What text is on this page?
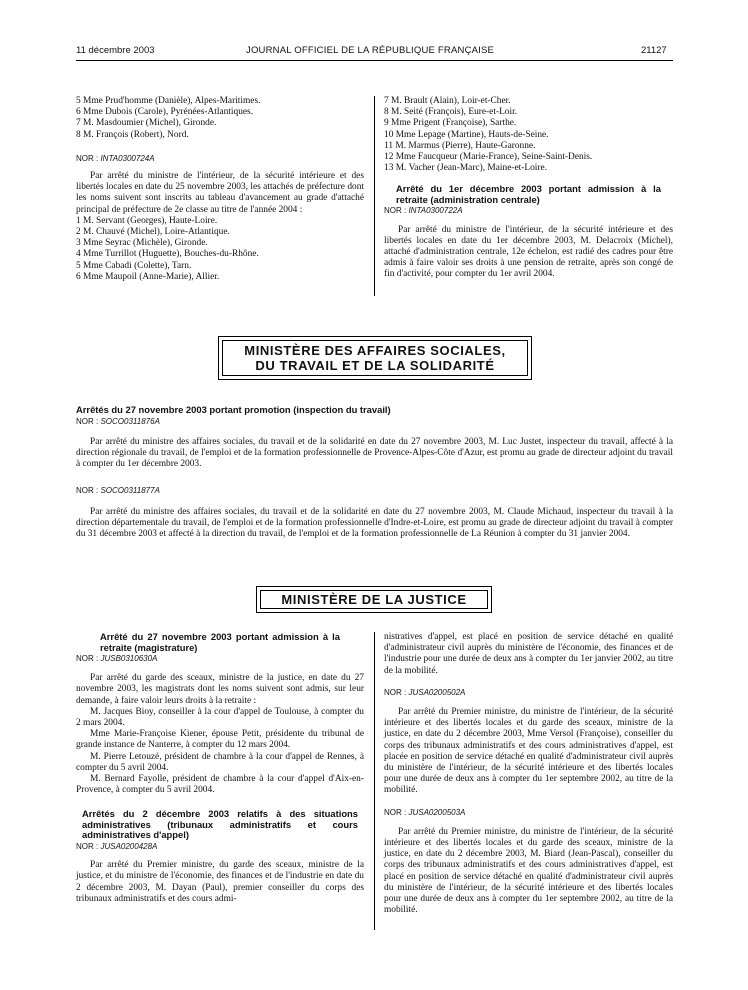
11 décembre 2003	JOURNAL OFFICIEL DE LA RÉPUBLIQUE FRANÇAISE	21127

5 Mme Prud'homme (Danièle), Alpes-Maritimes.

6 Mme Dubois (Carole), Pyrénées-Atlantiques.

7 M. Masdoumier (Michel), Gironde.

8 M. François (Robert), Nord.

NOR : INTA0300724A

Par arrêté du ministre de l'intérieur, de la sécurité intérieure et des libertés locales en date du 25 novembre 2003, les attachés de préfecture dont les noms suivent sont inscrits au tableau d'avancement au grade d'attaché principal de préfecture de 2e classe au titre de l'année 2004 :

1 M. Servant (Georges), Haute-Loire.

2 M. Chauvé (Michel), Loire-Atlantique.

3 Mme Seyrac (Michèle), Gironde.

4 Mme Turrillot (Huguette), Bouches-du-Rhône.

5 Mme Cabadi (Colette), Tarn.

6 Mme Maupoil (Anne-Marie), Allier.

7 M. Brault (Alain), Loir-et-Cher.

8 M. Seité (François), Eure-et-Loir.

9 Mme Prigent (Françoise), Sarthe.

10 Mme Lepage (Martine), Hauts-de-Seine.

11 M. Marmus (Pierre), Haute-Garonne.

12 Mme Faucqueur (Marie-France), Seine-Saint-Denis.

13 M. Vacher (Jean-Marc), Maine-et-Loire.

Arrêté du 1er décembre 2003 portant admission à la retraite (administration centrale)

NOR : INTA0300722A

Par arrêté du ministre de l'intérieur, de la sécurité intérieure et des libertés locales en date du 1er décembre 2003, M. Delacroix (Michel), attaché d'administration centrale, 12e échelon, est radié des cadres pour être admis à faire valoir ses droits à une pension de retraite, après son congé de fin d'activité, pour compter du 1er avril 2004.

MINISTÈRE DES AFFAIRES SOCIALES,
DU TRAVAIL ET DE LA SOLIDARITÉ

Arrêtés du 27 novembre 2003 portant promotion (inspection du travail)

NOR : SOCO0311876A

Par arrêté du ministre des affaires sociales, du travail et de la solidarité en date du 27 novembre 2003, M. Luc Justet, inspecteur du travail, affecté à la direction régionale du travail, de l'emploi et de la formation professionnelle de Provence-Alpes-Côte d'Azur, est promu au grade de directeur adjoint du travail à compter du 1er décembre 2003.

NOR : SOCO0311877A

Par arrêté du ministre des affaires sociales, du travail et de la solidarité en date du 27 novembre 2003, M. Claude Michaud, inspecteur du travail à la direction départementale du travail, de l'emploi et de la formation professionnelle d'Indre-et-Loire, est promu au grade de directeur adjoint du travail à compter du 31 décembre 2003 et affecté à la direction du travail, de l'emploi et de la formation professionnelle de La Réunion à compter du 31 janvier 2004.

MINISTÈRE DE LA JUSTICE

Arrêté du 27 novembre 2003 portant admission à la retraite (magistrature)

NOR : JUSB0310630A

Par arrêté du garde des sceaux, ministre de la justice, en date du 27 novembre 2003, les magistrats dont les noms suivent sont admis, sur leur demande, à faire valoir leurs droits à la retraite :

M. Jacques Bioy, conseiller à la cour d'appel de Toulouse, à compter du 2 mars 2004.

Mme Marie-Françoise Kiener, épouse Petit, présidente du tribunal de grande instance de Nanterre, à compter du 12 mars 2004.

M. Pierre Letouzé, président de chambre à la cour d'appel de Rennes, à compter du 5 avril 2004.

M. Bernard Fayolle, président de chambre à la cour d'appel d'Aix-en-Provence, à compter du 5 avril 2004.

Arrêtés du 2 décembre 2003 relatifs à des situations administratives (tribunaux administratifs et cours administratives d'appel)

NOR : JUSA0200428A

Par arrêté du Premier ministre, du garde des sceaux, ministre de la justice, et du ministre de l'économie, des finances et de l'industrie en date du 2 décembre 2003, M. Dayan (Paul), premier conseiller du corps des tribunaux administratifs et des cours admi-

nistratives d'appel, est placé en position de service détaché en qualité d'administrateur civil auprès du ministère de l'économie, des finances et de l'industrie pour une durée de deux ans à compter du 1er janvier 2002, au titre de la mobilité.

NOR : JUSA0200502A

Par arrêté du Premier ministre, du ministre de l'intérieur, de la sécurité intérieure et des libertés locales et du garde des sceaux, ministre de la justice, en date du 2 décembre 2003, Mme Versol (Françoise), conseiller du corps des tribunaux administratifs et des cours administratives d'appel, est placée en position de service détaché en qualité d'administrateur civil auprès du ministère de l'intérieur, de la sécurité intérieure et des libertés locales pour une durée de deux ans à compter du 1er septembre 2002, au titre de la mobilité.

NOR : JUSA0200503A

Par arrêté du Premier ministre, du ministre de l'intérieur, de la sécurité intérieure et des libertés locales et du garde des sceaux, ministre de la justice, en date du 2 décembre 2003, M. Biard (Jean-Pascal), conseiller du corps des tribunaux administratifs et des cours administratives d'appel, est placé en position de service détaché en qualité d'administrateur civil auprès du ministère de l'intérieur, de la sécurité intérieure et des libertés locales pour une durée de deux ans à compter du 1er septembre 2002, au titre de la mobilité.
